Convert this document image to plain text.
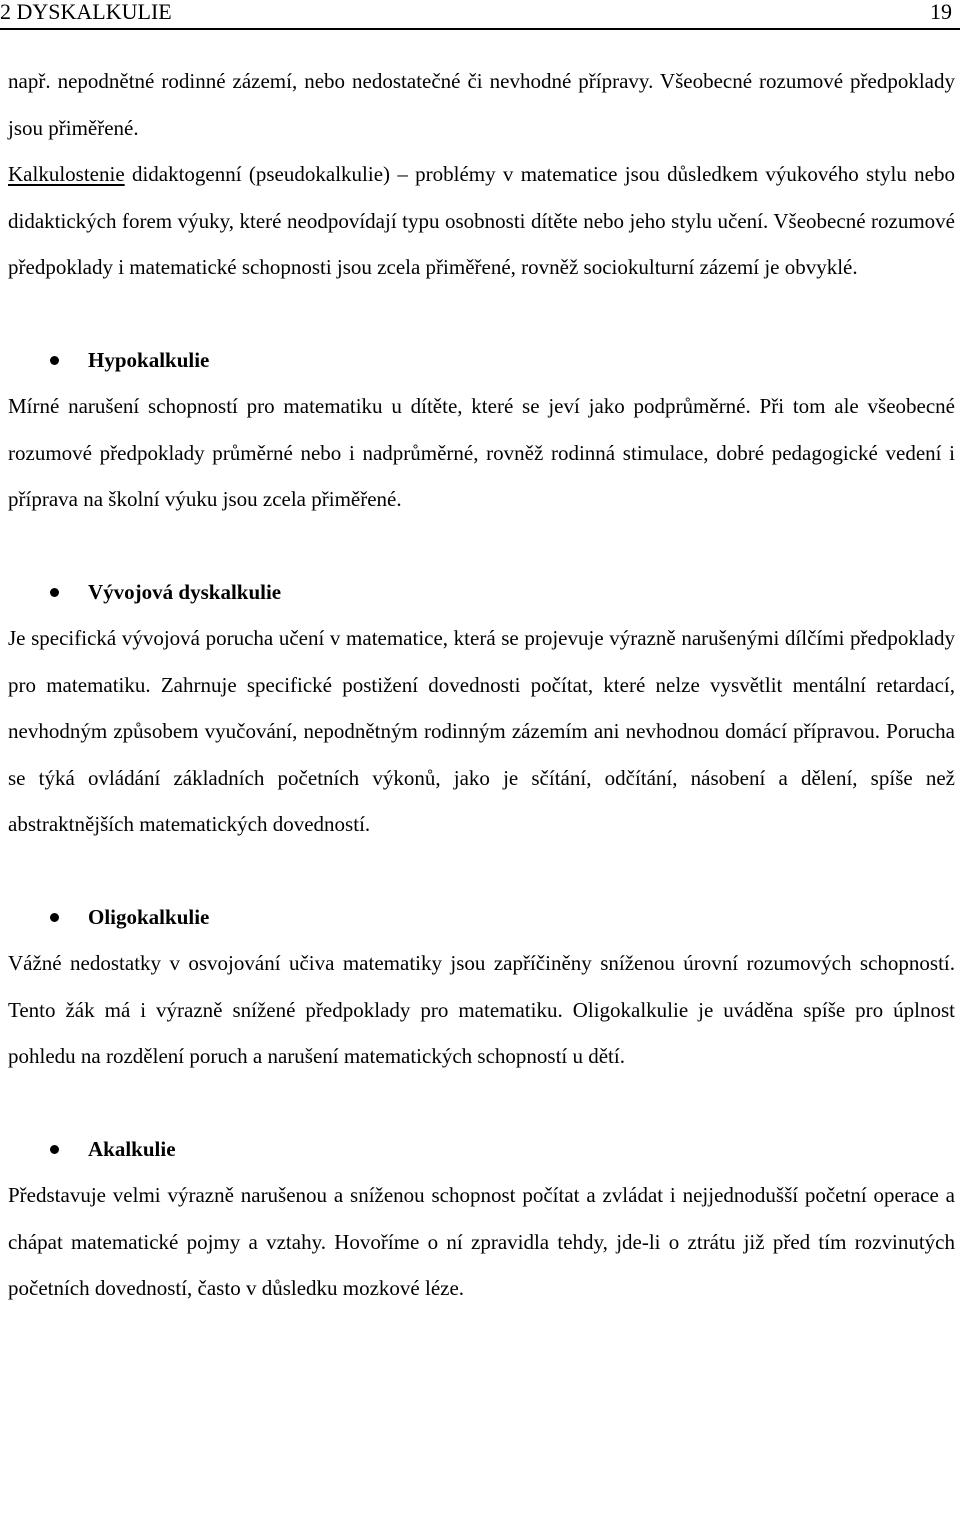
2 DYSKALKULIE	19

např. nepodnětné rodinné zázemí, nebo nedostatečné či nevhodné přípravy. Všeobecné rozumové předpoklady jsou přiměřené.

Kalkulostenie didaktogenní (pseudokalkulie) – problémy v matematice jsou důsledkem výukového stylu nebo didaktických forem výuky, které neodpovídají typu osobnosti dítěte nebo jeho stylu učení. Všeobecné rozumové předpoklady i matematické schopnosti jsou zcela přiměřené, rovněž sociokulturní zázemí je obvyklé.

Hypokalkulie

Mírné narušení schopností pro matematiku u dítěte, které se jeví jako podprůměrné. Při tom ale všeobecné rozumové předpoklady průměrné nebo i nadprůměrné, rovněž rodinná stimulace, dobré pedagogické vedení i příprava na školní výuku jsou zcela přiměřené.

Vývojová dyskalkulie

Je specifická vývojová porucha učení v matematice, která se projevuje výrazně narušenými dílčími předpoklady pro matematiku. Zahrnuje specifické postižení dovednosti počítat, které nelze vysvětlit mentální retardací, nevhodným způsobem vyučování, nepodnětným rodinným zázemím ani nevhodnou domácí přípravou. Porucha se týká ovládání základních početních výkonů, jako je sčítání, odčítání, násobení a dělení, spíše než abstraktnějších matematických dovedností.

Oligokalkulie

Vážné nedostatky v osvojování učiva matematiky jsou zapříčiněny sníženou úrovní rozumových schopností. Tento žák má i výrazně snížené předpoklady pro matematiku. Oligokalkulie je uváděna spíše pro úplnost pohledu na rozdělení poruch a narušení matematických schopností u dětí.

Akalkulie

Představuje velmi výrazně narušenou a sníženou schopnost počítat a zvládat i nejjednodušší početní operace a chápat matematické pojmy a vztahy. Hovoříme o ní zpravidla tehdy, jde-li o ztrátu již před tím rozvinutých početních dovedností, často v důsledku mozkové léze.
